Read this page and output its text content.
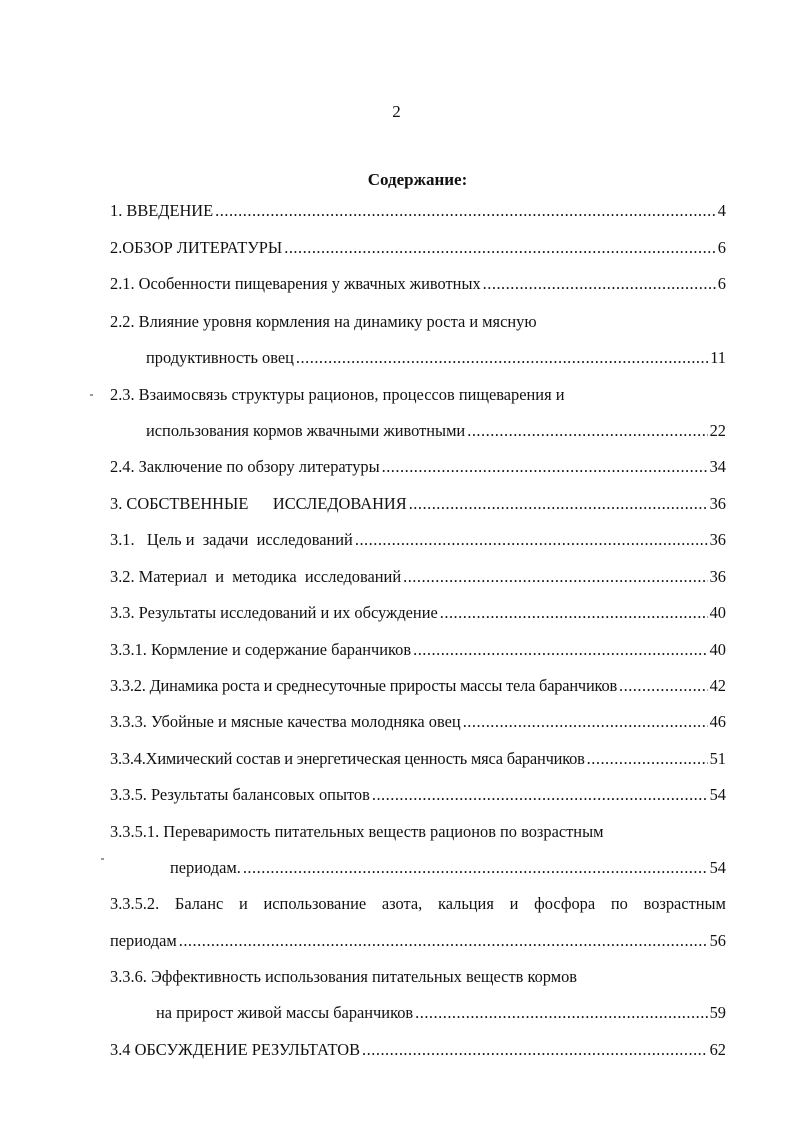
2
Содержание:
1. ВВЕДЕНИЕ .....	4
2.ОБЗОР ЛИТЕРАТУРЫ .....	6
2.1. Особенности пищеварения у жвачных животных .....	6
2.2. Влияние уровня кормления на динамику роста и мясную
продуктивность овец .....	11
2.3. Взаимосвязь структуры рационов, процессов пищеварения и
использования кормов жвачными животными .....	22
2.4. Заключение по обзору литературы .....	34
3. СОБСТВЕННЫЕ      ИССЛЕДОВАНИЯ .....	36
3.1.   Цель и  задачи  исследований .....	36
3.2. Материал  и  методика  исследований .....	36
3.3. Результаты исследований и их обсуждение .....	40
3.3.1. Кормление и содержание баранчиков .....	40
3.3.2. Динамика роста и среднесуточные приросты массы тела баранчиков .....	42
3.3.3. Убойные и мясные качества молодняка овец .....	46
3.3.4.Химический состав и энергетическая ценность мяса баранчиков .....	51
3.3.5. Результаты балансовых опытов .....	54
3.3.5.1. Переваримость питательных веществ рационов по возрастным
периодам. .....	54
3.3.5.2. Баланс и использование азота, кальция и фосфора по возрастным
периодам .....	56
3.3.6. Эффективность использования питательных веществ кормов
на прирост живой массы баранчиков .....	59
3.4 ОБСУЖДЕНИЕ РЕЗУЛЬТАТОВ .....	62
